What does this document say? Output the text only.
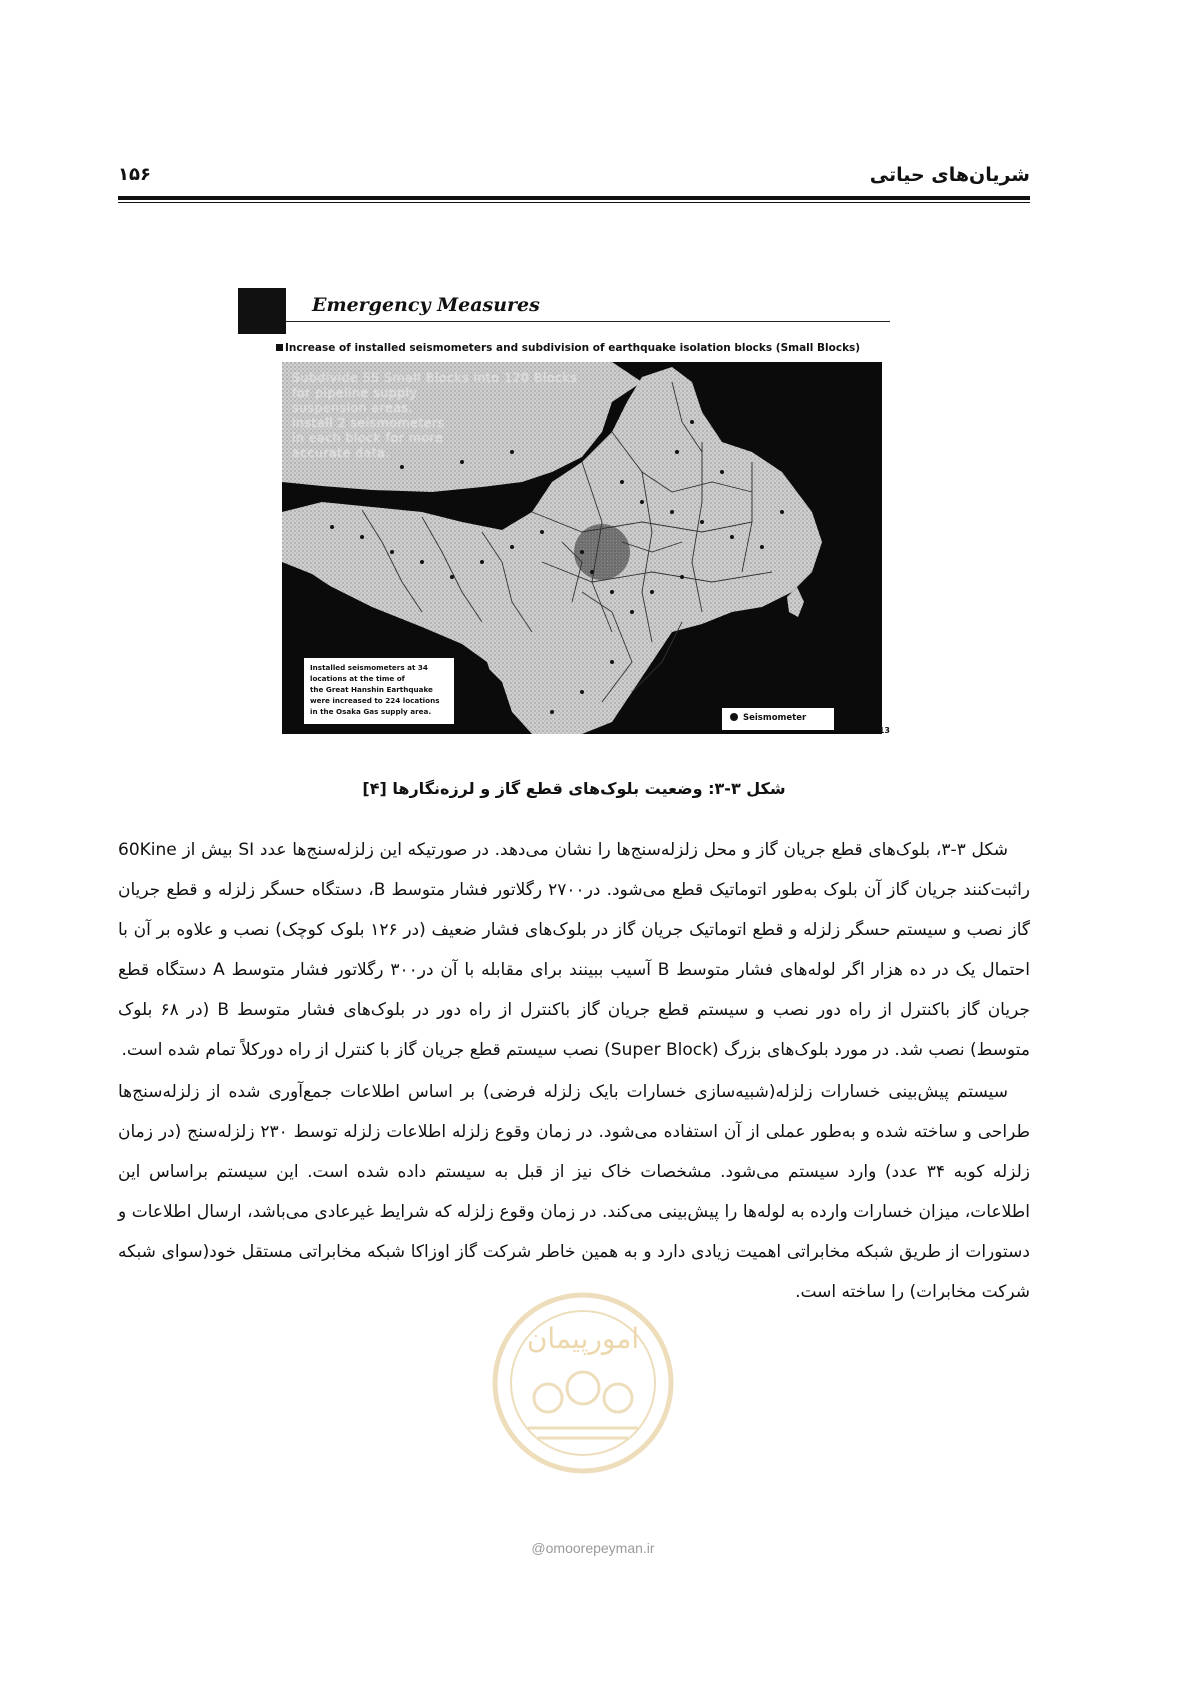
شریان‌های حیاتی
۱۵۶
Emergency Measures
Increase of installed seismometers and subdivision of earthquake isolation blocks (Small Blocks)
Subdivide 55 Small Blocks into 120 Blocks
for pipeline supply
suspension areas.
Install 2 seismometers
in each block for more
accurate data.
Installed seismometers at 34
locations at the time of
the Great Hanshin Earthquake
were increased to 224 locations
in the Osaka Gas supply area.
Seismometer
13
شکل ۳-۳: وضعیت بلوک‌های قطع گاز و لرزه‌نگارها [۴]

شکل ۳-۳، بلوک‌های قطع جریان گاز و محل زلزله‌سنج‌ها را نشان می‌دهد. در صورتیکه این زلزله‌سنج‌ها عدد SI بیش از 60Kine راثبت‌کنند جریان گاز آن بلوک به‌طور اتوماتیک قطع می‌شود. در۲۷۰۰ رگلاتور فشار متوسط B، دستگاه حسگر زلزله و قطع جریان گاز نصب و سیستم حسگر زلزله و قطع اتوماتیک جریان گاز در بلوک‌های فشار ضعیف (در ۱۲۶ بلوک کوچک) نصب و علاوه بر آن با احتمال یک در ده هزار اگر لوله‌های فشار متوسط B آسیب ببینند برای مقابله با آن در۳۰۰ رگلاتور فشار متوسط A دستگاه قطع جریان گاز باکنترل از راه دور نصب و سیستم قطع جریان گاز باکنترل از راه دور در بلوک‌های فشار متوسط B (در ۶۸ بلوک متوسط) نصب شد. در مورد بلوک‌های بزرگ (Super Block) نصب سیستم قطع جریان گاز با کنترل از راه دورکلاً تمام شده است.

سیستم پیش‌بینی خسارات زلزله(شبیه‌سازی خسارات بایک زلزله فرضی) بر اساس اطلاعات جمع‌آوری شده از زلزله‌سنج‌ها طراحی و ساخته شده و به‌طور عملی از آن استفاده می‌شود. در زمان وقوع زلزله اطلاعات زلزله توسط ۲۳۰ زلزله‌سنج (در زمان زلزله کوبه ۳۴ عدد) وارد سیستم می‌شود. مشخصات خاک نیز از قبل به سیستم داده شده است. این سیستم براساس این اطلاعات، میزان خسارات وارده به لوله‌ها را پیش‌بینی ‌می‌کند. در زمان وقوع زلزله که شرایط غیرعادی می‌باشد، ارسال اطلاعات و دستورات از طریق شبکه مخابراتی اهمیت زیادی دارد و به همین خاطر شرکت گاز اوزاکا شبکه مخابراتی مستقل خود(سوای شبکه شرکت مخابرات) را ساخته است.

امورپیمان
@omoorepeyman.ir
